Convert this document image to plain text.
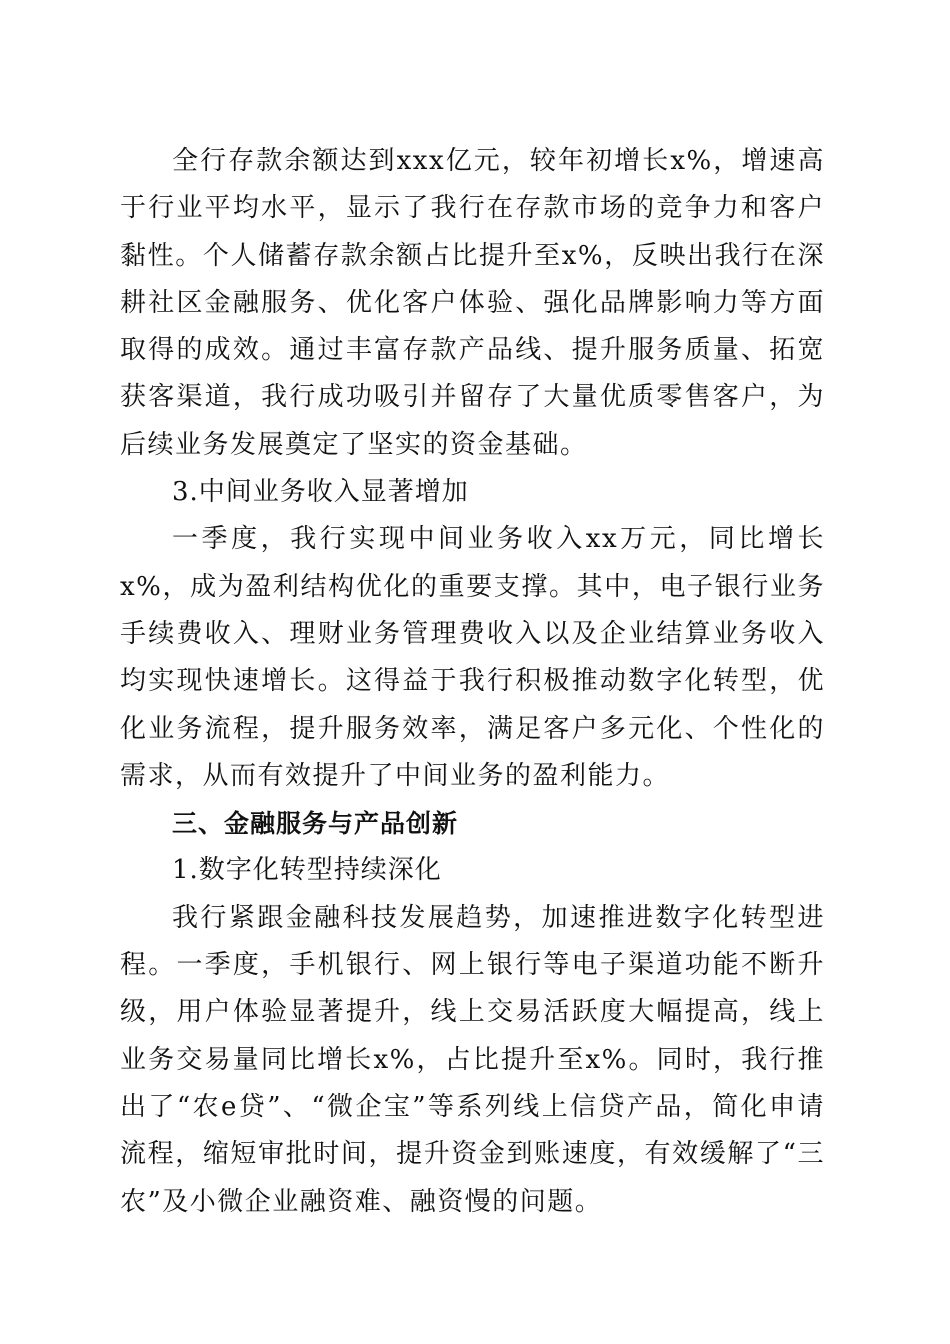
全行存款余额达到xxx亿元，较年初增长x%，增速高于行业平均水平，显示了我行在存款市场的竞争力和客户黏性。个人储蓄存款余额占比提升至x%，反映出我行在深耕社区金融服务、优化客户体验、强化品牌影响力等方面取得的成效。通过丰富存款产品线、提升服务质量、拓宽获客渠道，我行成功吸引并留存了大量优质零售客户，为后续业务发展奠定了坚实的资金基础。

3.中间业务收入显著增加

一季度，我行实现中间业务收入xx万元，同比增长x%，成为盈利结构优化的重要支撑。其中，电子银行业务手续费收入、理财业务管理费收入以及企业结算业务收入均实现快速增长。这得益于我行积极推动数字化转型，优化业务流程，提升服务效率，满足客户多元化、个性化的需求，从而有效提升了中间业务的盈利能力。

三、金融服务与产品创新

1.数字化转型持续深化

我行紧跟金融科技发展趋势，加速推进数字化转型进程。一季度，手机银行、网上银行等电子渠道功能不断升级，用户体验显著提升，线上交易活跃度大幅提高，线上业务交易量同比增长x%，占比提升至x%。同时，我行推出了“农e贷”、“微企宝”等系列线上信贷产品，简化申请流程，缩短审批时间，提升资金到账速度，有效缓解了“三农”及小微企业融资难、融资慢的问题。
